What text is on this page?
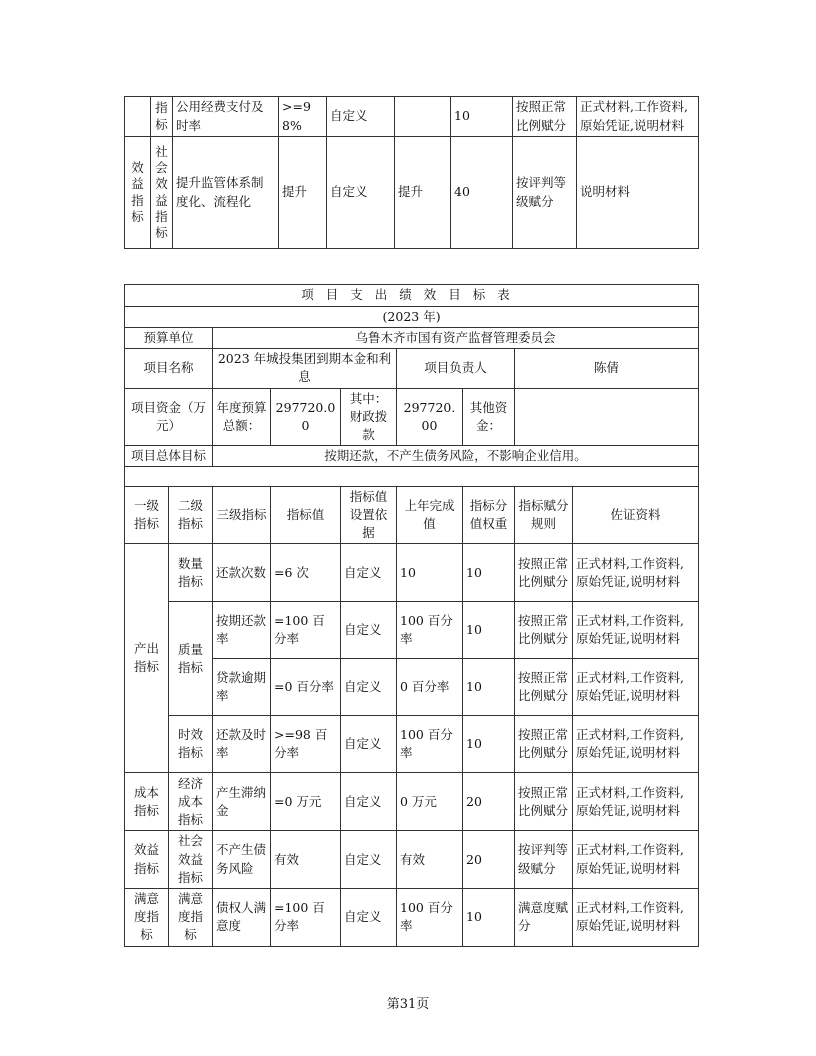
	指标	公用经费支付及时率	>=98%	自定义		10	按照正常比例赋分	正式材料,工作资料,原始凭证,说明材料
效益指标	社会效益指标	提升监管体系制度化、流程化	提升	自定义	提升	40	按评判等级赋分	说明材料
项目支出绩效目标表								
(2023 年)								
预算单位		乌鲁木齐市国有资产监督管理委员会						
项目名称		2023 年城投集团到期本金和利息			项目负责人		陈倩	
项目资金（万元）		年度预算总额：	297720.00	其中：财政拨款	297720.00	其他资金：		
项目总体目标		按期还款，不产生债务风险，不影响企业信用。						

一级指标	二级指标	三级指标	指标值	指标值设置依据	上年完成值	指标分值权重	指标赋分规则	佐证资料
产出指标	数量指标	还款次数	=6 次	自定义	10	10	按照正常比例赋分	正式材料,工作资料,原始凭证,说明材料
	质量指标	按期还款率	=100 百分率	自定义	100 百分率	10	按照正常比例赋分	正式材料,工作资料,原始凭证,说明材料
		贷款逾期率	=0 百分率	自定义	0 百分率	10	按照正常比例赋分	正式材料,工作资料,原始凭证,说明材料
	时效指标	还款及时率	>=98 百分率	自定义	100 百分率	10	按照正常比例赋分	正式材料,工作资料,原始凭证,说明材料
成本指标	经济成本指标	产生滞纳金	=0 万元	自定义	0 万元	20	按照正常比例赋分	正式材料,工作资料,原始凭证,说明材料
效益指标	社会效益指标	不产生债务风险	有效	自定义	有效	20	按评判等级赋分	正式材料,工作资料,原始凭证,说明材料
满意度指标	满意度指标	债权人满意度	=100 百分率	自定义	100 百分率	10	满意度赋分	正式材料,工作资料,原始凭证,说明材料
第31页
